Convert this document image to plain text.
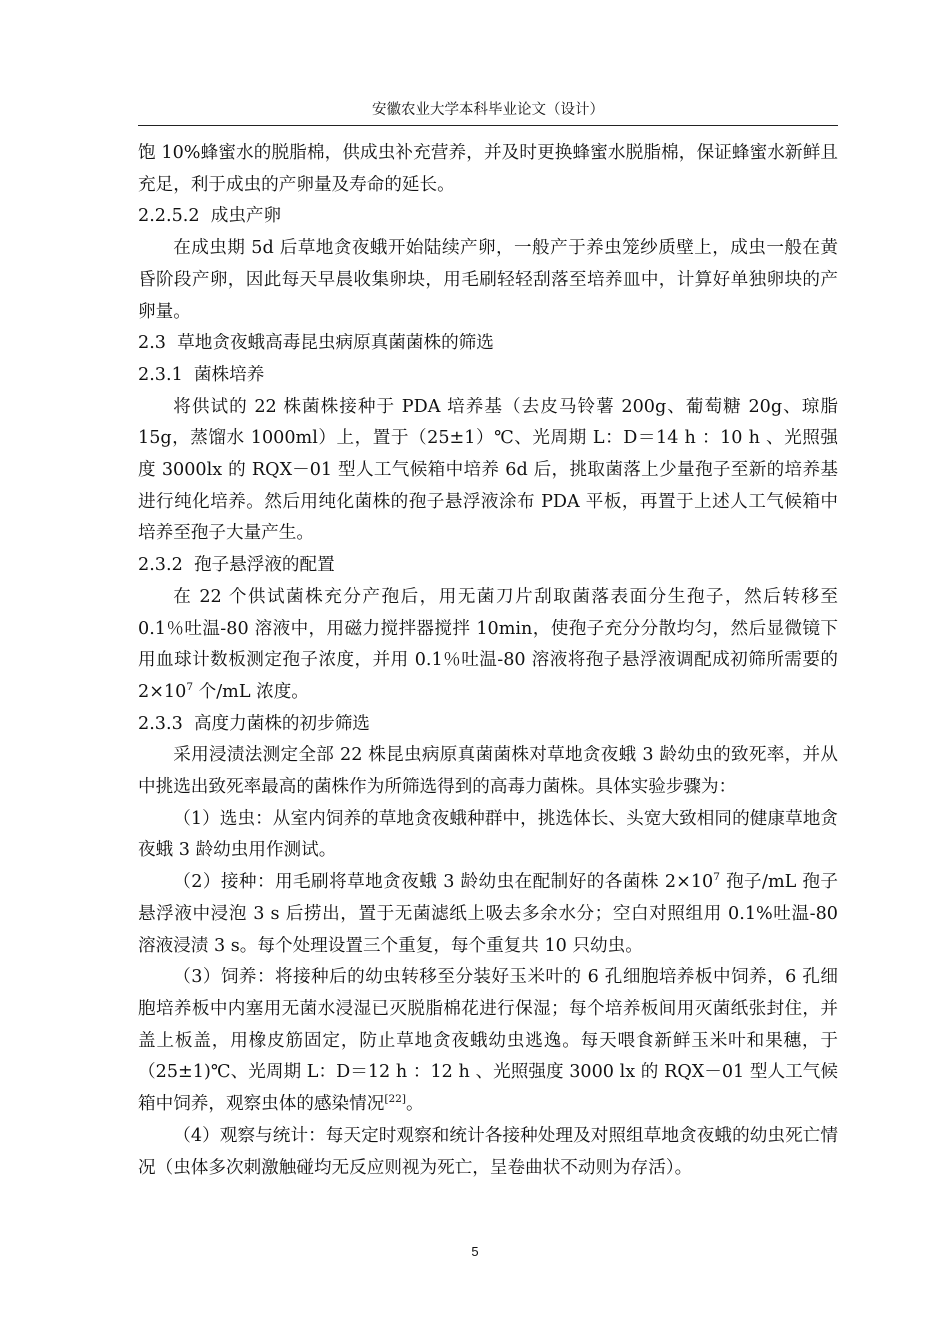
安徽农业大学本科毕业论文（设计）

饱 10%蜂蜜水的脱脂棉，供成虫补充营养，并及时更换蜂蜜水脱脂棉，保证蜂蜜水新鲜且充足，利于成虫的产卵量及寿命的延长。

2.2.5.2  成虫产卵

在成虫期 5d 后草地贪夜蛾开始陆续产卵，一般产于养虫笼纱质壁上，成虫一般在黄昏阶段产卵，因此每天早晨收集卵块，用毛刷轻轻刮落至培养皿中，计算好单独卵块的产卵量。

2.3  草地贪夜蛾高毒昆虫病原真菌菌株的筛选

2.3.1  菌株培养

将供试的 22 株菌株接种于 PDA 培养基（去皮马铃薯 200g、葡萄糖 20g、琼脂 15g，蒸馏水 1000ml）上，置于（25±1）℃、光周期 L：D＝14 h ：10 h 、光照强度 3000lx 的 RQX－01 型人工气候箱中培养 6d 后，挑取菌落上少量孢子至新的培养基进行纯化培养。然后用纯化菌株的孢子悬浮液涂布 PDA 平板，再置于上述人工气候箱中培养至孢子大量产生。

2.3.2  孢子悬浮液的配置

在 22 个供试菌株充分产孢后，用无菌刀片刮取菌落表面分生孢子，然后转移至 0.1％吐温-80 溶液中，用磁力搅拌器搅拌 10min，使孢子充分分散均匀，然后显微镜下用血球计数板测定孢子浓度，并用 0.1％吐温-80 溶液将孢子悬浮液调配成初筛所需要的 $2\times 10^7$ 个/mL 浓度。

2.3.3  高度力菌株的初步筛选

采用浸渍法测定全部 22 株昆虫病原真菌菌株对草地贪夜蛾 3 龄幼虫的致死率，并从中挑选出致死率最高的菌株作为所筛选得到的高毒力菌株。具体实验步骤为：

（1）选虫：从室内饲养的草地贪夜蛾种群中，挑选体长、头宽大致相同的健康草地贪夜蛾 3 龄幼虫用作测试。

（2）接种：用毛刷将草地贪夜蛾 3 龄幼虫在配制好的各菌株 $2\times 10^7$ 孢子/mL 孢子悬浮液中浸泡 3 s 后捞出，置于无菌滤纸上吸去多余水分；空白对照组用 0.1%吐温-80 溶液浸渍 3 s。每个处理设置三个重复，每个重复共 10 只幼虫。

（3）饲养：将接种后的幼虫转移至分装好玉米叶的 6 孔细胞培养板中饲养，6 孔细胞培养板中内塞用无菌水浸湿已灭脱脂棉花进行保湿；每个培养板间用灭菌纸张封住，并盖上板盖，用橡皮筋固定，防止草地贪夜蛾幼虫逃逸。每天喂食新鲜玉米叶和果穗，于（25±1)℃、光周期 L：D＝12 h ：12 h 、光照强度 3000 lx 的 RQX－01 型人工气候箱中饲养，观察虫体的感染情况[22]。

（4）观察与统计：每天定时观察和统计各接种处理及对照组草地贪夜蛾的幼虫死亡情况（虫体多次刺激触碰均无反应则视为死亡，呈卷曲状不动则为存活）。

5
